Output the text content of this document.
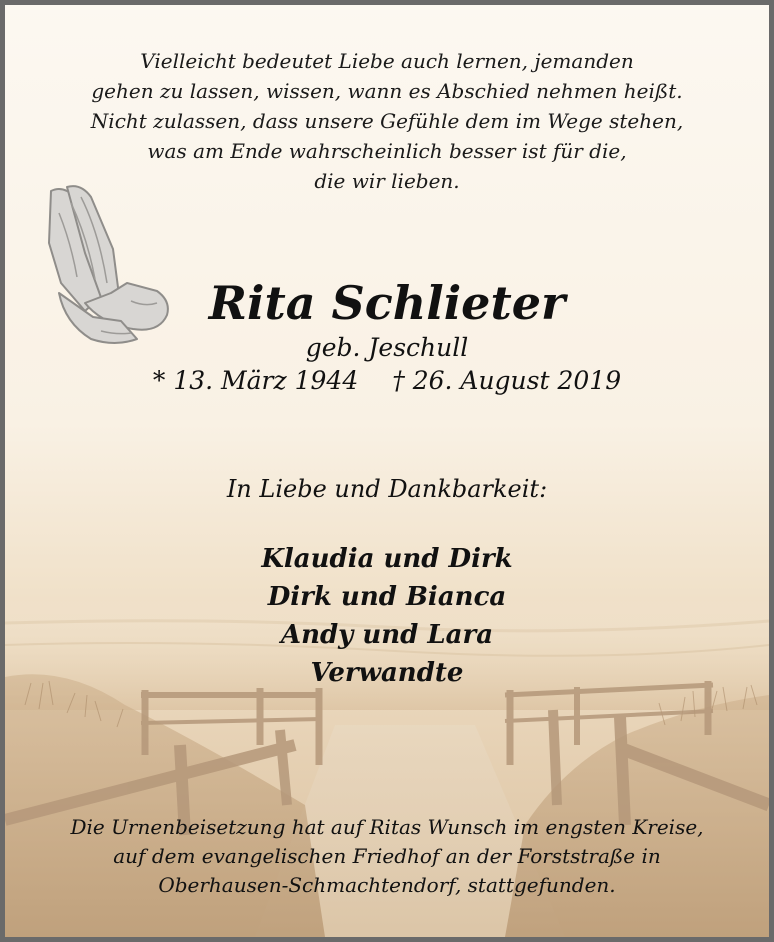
Vielleicht bedeutet Liebe auch lernen, jemanden
gehen zu lassen, wissen, wann es Abschied nehmen heißt.
Nicht zulassen, dass unsere Gefühle dem im Wege stehen,
was am Ende wahrscheinlich besser ist für die,
die wir lieben.
Rita Schlieter
geb. Jeschull
* 13. März 1944 † 26. August 2019
In Liebe und Dankbarkeit:
Klaudia und Dirk
Dirk und Bianca
Andy und Lara
Verwandte
Die Urnenbeisetzung hat auf Ritas Wunsch im engsten Kreise,
auf dem evangelischen Friedhof an der Forststraße in
Oberhausen-Schmachtendorf, stattgefunden.
